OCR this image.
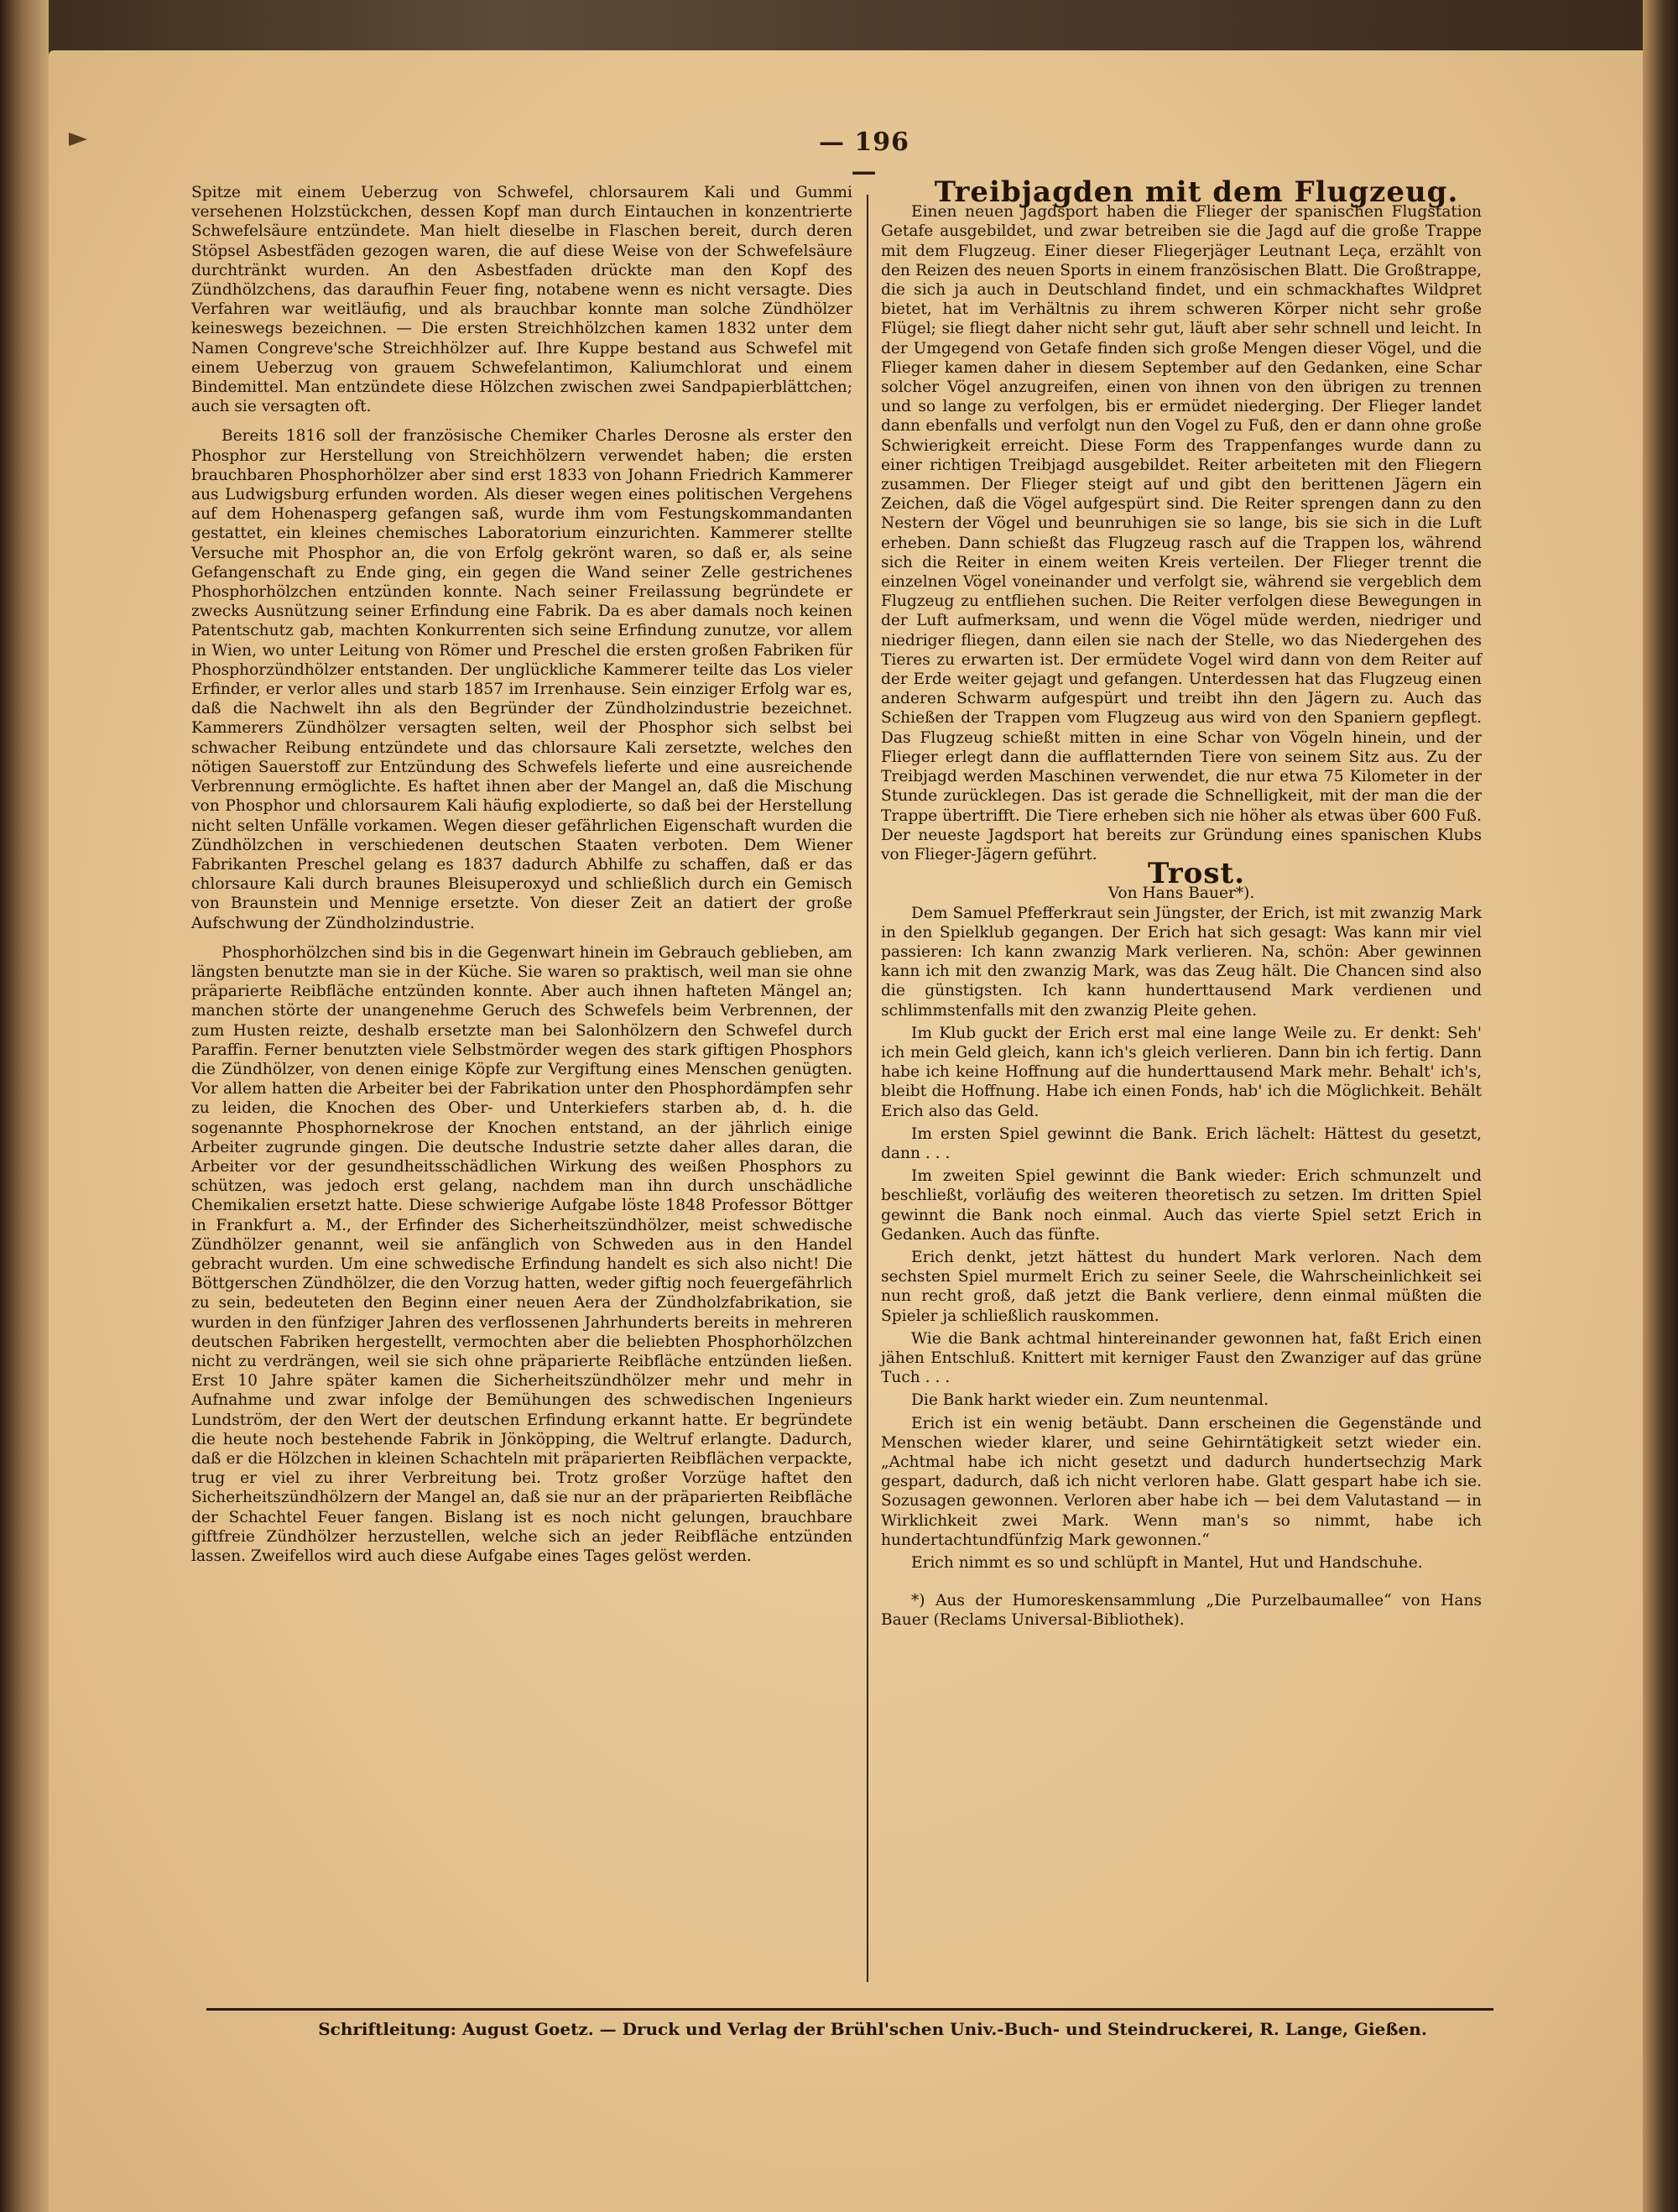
— 196 —

Spitze mit einem Ueberzug von Schwefel, chlorsaurem Kali und Gummi versehenen Holzstückchen, dessen Kopf man durch Eintauchen in konzentrierte Schwefelsäure entzündete. Man hielt dieselbe in Flaschen bereit, durch deren Stöpsel Asbestfäden gezogen waren, die auf diese Weise von der Schwefelsäure durchtränkt wurden. An den Asbestfaden drückte man den Kopf des Zündhölzchens, das daraufhin Feuer fing, notabene wenn es nicht versagte. Dies Verfahren war weitläufig, und als brauchbar konnte man solche Zündhölzer keineswegs bezeichnen. — Die ersten Streichhölzchen kamen 1832 unter dem Namen Congreve'sche Streichhölzer auf. Ihre Kuppe bestand aus Schwefel mit einem Ueberzug von grauem Schwefelantimon, Kaliumchlorat und einem Bindemittel. Man entzündete diese Hölzchen zwischen zwei Sandpapierblättchen; auch sie versagten oft.

Bereits 1816 soll der französische Chemiker Charles Derosne als erster den Phosphor zur Herstellung von Streichhölzern verwendet haben; die ersten brauchbaren Phosphorhölzer aber sind erst 1833 von Johann Friedrich Kammerer aus Ludwigsburg erfunden worden. Als dieser wegen eines politischen Vergehens auf dem Hohenasperg gefangen saß, wurde ihm vom Festungskommandanten gestattet, ein kleines chemisches Laboratorium einzurichten. Kammerer stellte Versuche mit Phosphor an, die von Erfolg gekrönt waren, so daß er, als seine Gefangenschaft zu Ende ging, ein gegen die Wand seiner Zelle gestrichenes Phosphorhölzchen entzünden konnte. Nach seiner Freilassung begründete er zwecks Ausnützung seiner Erfindung eine Fabrik. Da es aber damals noch keinen Patentschutz gab, machten Konkurrenten sich seine Erfindung zunutze, vor allem in Wien, wo unter Leitung von Römer und Preschel die ersten großen Fabriken für Phosphorzündhölzer entstanden. Der unglückliche Kammerer teilte das Los vieler Erfinder, er verlor alles und starb 1857 im Irrenhause. Sein einziger Erfolg war es, daß die Nachwelt ihn als den Begründer der Zündholzindustrie bezeichnet. Kammerers Zündhölzer versagten selten, weil der Phosphor sich selbst bei schwacher Reibung entzündete und das chlorsaure Kali zersetzte, welches den nötigen Sauerstoff zur Entzündung des Schwefels lieferte und eine ausreichende Verbrennung ermöglichte. Es haftet ihnen aber der Mangel an, daß die Mischung von Phosphor und chlorsaurem Kali häufig explodierte, so daß bei der Herstellung nicht selten Unfälle vorkamen. Wegen dieser gefährlichen Eigenschaft wurden die Zündhölzchen in verschiedenen deutschen Staaten verboten. Dem Wiener Fabrikanten Preschel gelang es 1837 dadurch Abhilfe zu schaffen, daß er das chlorsaure Kali durch braunes Bleisuperoxyd und schließlich durch ein Gemisch von Braunstein und Mennige ersetzte. Von dieser Zeit an datiert der große Aufschwung der Zündholzindustrie.

Phosphorhölzchen sind bis in die Gegenwart hinein im Gebrauch geblieben, am längsten benutzte man sie in der Küche. Sie waren so praktisch, weil man sie ohne präparierte Reibfläche entzünden konnte. Aber auch ihnen hafteten Mängel an; manchen störte der unangenehme Geruch des Schwefels beim Verbrennen, der zum Husten reizte, deshalb ersetzte man bei Salonhölzern den Schwefel durch Paraffin. Ferner benutzten viele Selbstmörder wegen des stark giftigen Phosphors die Zündhölzer, von denen einige Köpfe zur Vergiftung eines Menschen genügten. Vor allem hatten die Arbeiter bei der Fabrikation unter den Phosphordämpfen sehr zu leiden, die Knochen des Ober- und Unterkiefers starben ab, d. h. die sogenannte Phosphornekrose der Knochen entstand, an der jährlich einige Arbeiter zugrunde gingen. Die deutsche Industrie setzte daher alles daran, die Arbeiter vor der gesundheitsschädlichen Wirkung des weißen Phosphors zu schützen, was jedoch erst gelang, nachdem man ihn durch unschädliche Chemikalien ersetzt hatte. Diese schwierige Aufgabe löste 1848 Professor Böttger in Frankfurt a. M., der Erfinder des Sicherheitszündhölzer, meist schwedische Zündhölzer genannt, weil sie anfänglich von Schweden aus in den Handel gebracht wurden. Um eine schwedische Erfindung handelt es sich also nicht! Die Böttgerschen Zündhölzer, die den Vorzug hatten, weder giftig noch feuergefährlich zu sein, bedeuteten den Beginn einer neuen Aera der Zündholzfabrikation, sie wurden in den fünfziger Jahren des verflossenen Jahrhunderts bereits in mehreren deutschen Fabriken hergestellt, vermochten aber die beliebten Phosphorhölzchen nicht zu verdrängen, weil sie sich ohne präparierte Reibfläche entzünden ließen. Erst 10 Jahre später kamen die Sicherheitszündhölzer mehr und mehr in Aufnahme und zwar infolge der Bemühungen des schwedischen Ingenieurs Lundström, der den Wert der deutschen Erfindung erkannt hatte. Er begründete die heute noch bestehende Fabrik in Jönköpping, die Weltruf erlangte. Dadurch, daß er die Hölzchen in kleinen Schachteln mit präparierten Reibflächen verpackte, trug er viel zu ihrer Verbreitung bei. Trotz großer Vorzüge haftet den Sicherheitszündhölzern der Mangel an, daß sie nur an der präparierten Reibfläche der Schachtel Feuer fangen. Bislang ist es noch nicht gelungen, brauchbare giftfreie Zündhölzer herzustellen, welche sich an jeder Reibfläche entzünden lassen. Zweifellos wird auch diese Aufgabe eines Tages gelöst werden.

Treibjagden mit dem Flugzeug.

Einen neuen Jagdsport haben die Flieger der spanischen Flugstation Getafe ausgebildet, und zwar betreiben sie die Jagd auf die große Trappe mit dem Flugzeug. Einer dieser Fliegerjäger Leutnant Leça, erzählt von den Reizen des neuen Sports in einem französischen Blatt. Die Großtrappe, die sich ja auch in Deutschland findet, und ein schmackhaftes Wildpret bietet, hat im Verhältnis zu ihrem schweren Körper nicht sehr große Flügel; sie fliegt daher nicht sehr gut, läuft aber sehr schnell und leicht. In der Umgegend von Getafe finden sich große Mengen dieser Vögel, und die Flieger kamen daher in diesem September auf den Gedanken, eine Schar solcher Vögel anzugreifen, einen von ihnen von den übrigen zu trennen und so lange zu verfolgen, bis er ermüdet niederging. Der Flieger landet dann ebenfalls und verfolgt nun den Vogel zu Fuß, den er dann ohne große Schwierigkeit erreicht. Diese Form des Trappenfanges wurde dann zu einer richtigen Treibjagd ausgebildet. Reiter arbeiteten mit den Fliegern zusammen. Der Flieger steigt auf und gibt den berittenen Jägern ein Zeichen, daß die Vögel aufgespürt sind. Die Reiter sprengen dann zu den Nestern der Vögel und beunruhigen sie so lange, bis sie sich in die Luft erheben. Dann schießt das Flugzeug rasch auf die Trappen los, während sich die Reiter in einem weiten Kreis verteilen. Der Flieger trennt die einzelnen Vögel voneinander und verfolgt sie, während sie vergeblich dem Flugzeug zu entfliehen suchen. Die Reiter verfolgen diese Bewegungen in der Luft aufmerksam, und wenn die Vögel müde werden, niedriger und niedriger fliegen, dann eilen sie nach der Stelle, wo das Niedergehen des Tieres zu erwarten ist. Der ermüdete Vogel wird dann von dem Reiter auf der Erde weiter gejagt und gefangen. Unterdessen hat das Flugzeug einen anderen Schwarm aufgespürt und treibt ihn den Jägern zu. Auch das Schießen der Trappen vom Flugzeug aus wird von den Spaniern gepflegt. Das Flugzeug schießt mitten in eine Schar von Vögeln hinein, und der Flieger erlegt dann die aufflatternden Tiere von seinem Sitz aus. Zu der Treibjagd werden Maschinen verwendet, die nur etwa 75 Kilometer in der Stunde zurücklegen. Das ist gerade die Schnelligkeit, mit der man die der Trappe übertrifft. Die Tiere erheben sich nie höher als etwas über 600 Fuß. Der neueste Jagdsport hat bereits zur Gründung eines spanischen Klubs von Flieger-Jägern geführt.

Trost.

Von Hans Bauer*).

Dem Samuel Pfefferkraut sein Jüngster, der Erich, ist mit zwanzig Mark in den Spielklub gegangen. Der Erich hat sich gesagt: Was kann mir viel passieren: Ich kann zwanzig Mark verlieren. Na, schön: Aber gewinnen kann ich mit den zwanzig Mark, was das Zeug hält. Die Chancen sind also die günstigsten. Ich kann hunderttausend Mark verdienen und schlimmstenfalls mit den zwanzig Pleite gehen.

Im Klub guckt der Erich erst mal eine lange Weile zu. Er denkt: Seh' ich mein Geld gleich, kann ich's gleich verlieren. Dann bin ich fertig. Dann habe ich keine Hoffnung auf die hunderttausend Mark mehr. Behalt' ich's, bleibt die Hoffnung. Habe ich einen Fonds, hab' ich die Möglichkeit. Behält Erich also das Geld.

Im ersten Spiel gewinnt die Bank. Erich lächelt: Hättest du gesetzt, dann . . .

Im zweiten Spiel gewinnt die Bank wieder: Erich schmunzelt und beschließt, vorläufig des weiteren theoretisch zu setzen. Im dritten Spiel gewinnt die Bank noch einmal. Auch das vierte Spiel setzt Erich in Gedanken. Auch das fünfte.

Erich denkt, jetzt hättest du hundert Mark verloren. Nach dem sechsten Spiel murmelt Erich zu seiner Seele, die Wahrscheinlichkeit sei nun recht groß, daß jetzt die Bank verliere, denn einmal müßten die Spieler ja schließlich rauskommen.

Wie die Bank achtmal hintereinander gewonnen hat, faßt Erich einen jähen Entschluß. Knittert mit kerniger Faust den Zwanziger auf das grüne Tuch . . .

Die Bank harkt wieder ein. Zum neuntenmal.

Erich ist ein wenig betäubt. Dann erscheinen die Gegenstände und Menschen wieder klarer, und seine Gehirntätigkeit setzt wieder ein. „Achtmal habe ich nicht gesetzt und dadurch hundertsechzig Mark gespart, dadurch, daß ich nicht verloren habe. Glatt gespart habe ich sie. Sozusagen gewonnen. Verloren aber habe ich — bei dem Valutastand — in Wirklichkeit zwei Mark. Wenn man's so nimmt, habe ich hundertachtundfünfzig Mark gewonnen.“

Erich nimmt es so und schlüpft in Mantel, Hut und Handschuhe.

*) Aus der Humoreskensammlung „Die Purzelbaumallee“ von Hans Bauer (Reclams Universal-Bibliothek).

Schriftleitung: August Goetz. — Druck und Verlag der Brühl'schen Univ.-Buch- und Steindruckerei, R. Lange, Gießen.
